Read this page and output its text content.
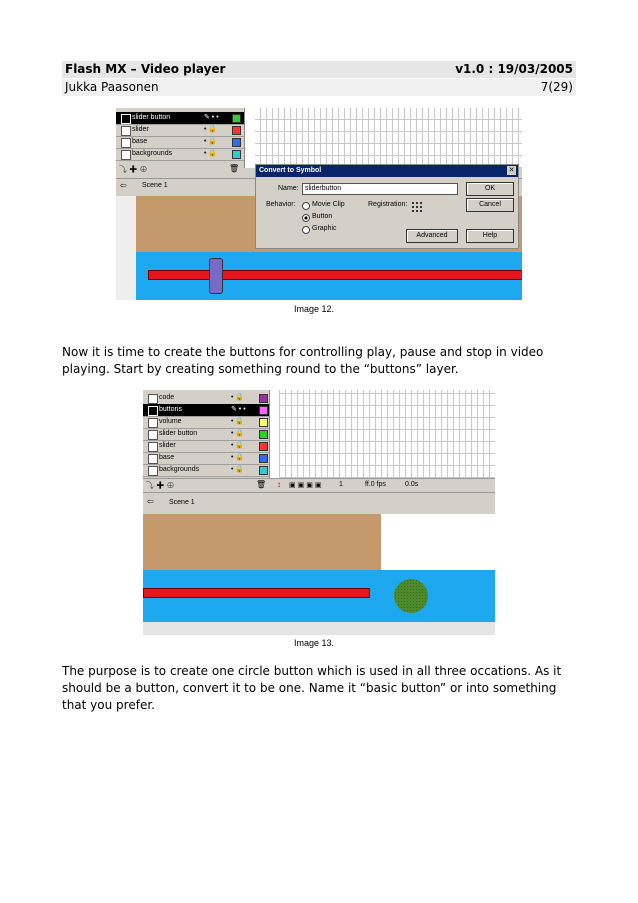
Flash MX – Video player	v1.0 : 19/03/2005
Jukka Paasonen	7(29)
slider button	✎ • •
slider	• 🔒
base	• 🔒
backgrounds	• 🔒
⤵ ✚ ⊕	🗑
⇦ Scene 1
Convert to Symbol	✕
Name: sliderbutton
Behavior: Movie Clip
Button
Graphic
Registration:
OK
Cancel
Advanced	Help
Image 12.
Now it is time to create the buttons for controlling play, pause and stop in video playing. Start by creating something round to the “buttons” layer.
code	• 🔒
buttons	✎ • •
volume	• 🔒
slider button	• 🔒
slider	• 🔒
base	• 🔒
backgrounds	• 🔒
⤵ ✚ ⊕	🗑 ↕ ▣▣▣▣ 1	ff.0 fps	0.0s
⇦ Scene 1
Image 13.
The purpose is to create one circle button which is used in all three occations. As it should be a button, convert it to be one. Name it “basic button” or into something that you prefer.
